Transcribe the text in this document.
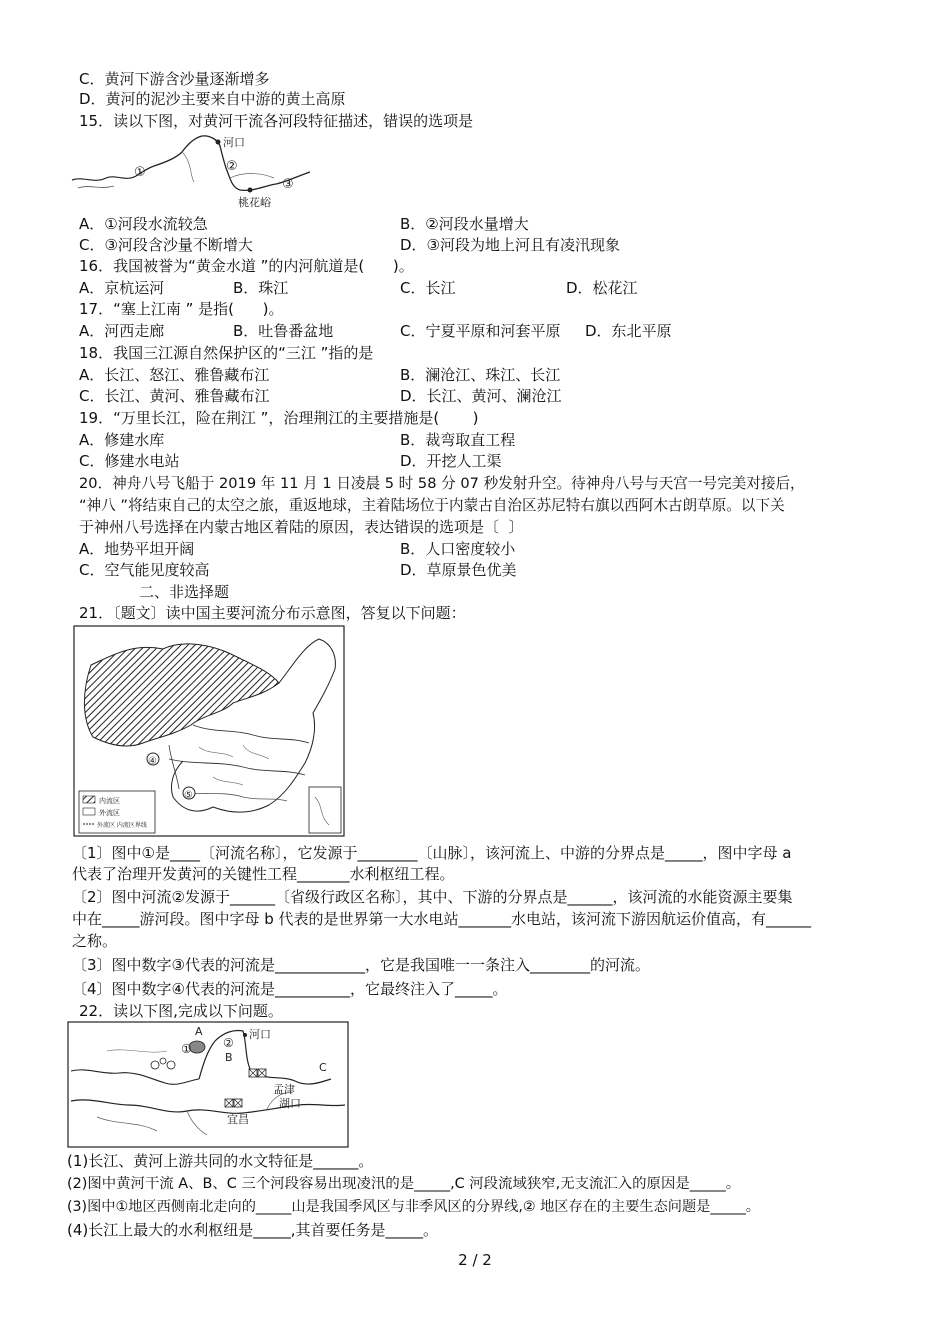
C．黄河下游含沙量逐渐增多
D．黄河的泥沙主要来自中游的黄土高原
15．读以下图，对黄河干流各河段特征描述，错误的选项是
河口
桃花峪
①	②
③
A．①河段水流较急	B．②河段水量增大
C．③河段含沙量不断增大	D．③河段为地上河且有凌汛现象
16．我国被誉为“黄金水道 ”的内河航道是(      )。
A．京杭运河	B．珠江	C．长江	D．松花江
17．“塞上江南 ” 是指(      )。
A．河西走廊	B．吐鲁番盆地	C．宁夏平原和河套平原 D．东北平原
18．我国三江源自然保护区的“三江 ”指的是
A．长江、怒江、雅鲁藏布江	B．澜沧江、珠江、长江
C．长江、黄河、雅鲁藏布江	D．长江、黄河、澜沧江
19．“万里长江，险在荆江 ”，治理荆江的主要措施是(       )
A．修建水库	B．裁弯取直工程
C．修建水电站	D．开挖人工渠
20．神舟八号飞船于 2019 年 11 月 1 日凌晨 5 时 58 分 07 秒发射升空。待神舟八号与天宫一号完美对接后，
“神八 ”将结束自己的太空之旅，重返地球，主着陆场位于内蒙古自治区苏尼特右旗以西阿木古朗草原。以下关
于神州八号选择在内蒙古地区着陆的原因，表达错误的选项是〔  〕
A．地势平坦开阔	B．人口密度较小
C．空气能见度较高	D．草原景色优美
二、非选择题
21．〔题文〕读中国主要河流分布示意图，答复以下问题：
④
⑤
内流区
外流区
外流区 内流区界线
〔1〕图中①是____〔河流名称〕，它发源于________〔山脉〕，该河流上、中游的分界点是_____，图中字母 a
代表了治理开发黄河的关键性工程_______水利枢纽工程。
〔2〕图中河流②发源于______〔省级行政区名称〕，其中、下游的分界点是______，该河流的水能资源主要集
中在_____游河段。图中字母 b 代表的是世界第一大水电站_______水电站，该河流下游因航运价值高，有______
之称。
〔3〕图中数字③代表的河流是____________，它是我国唯一一条注入________的河流。
〔4〕图中数字④代表的河流是__________，它最终注入了_____。
22．读以下图,完成以下问题。
河口
A
①
B
②
C
孟津
湖口
宜昌
(1)长江、黄河上游共同的水文特征是______。
(2)图中黄河干流 A、B、C 三个河段容易出现凌汛的是_____,C 河段流域狭窄,无支流汇入的原因是_____。
(3)图中①地区西侧南北走向的_____山是我国季风区与非季风区的分界线,② 地区存在的主要生态问题是_____。
(4)长江上最大的水利枢纽是_____,其首要任务是_____。
2 / 2
